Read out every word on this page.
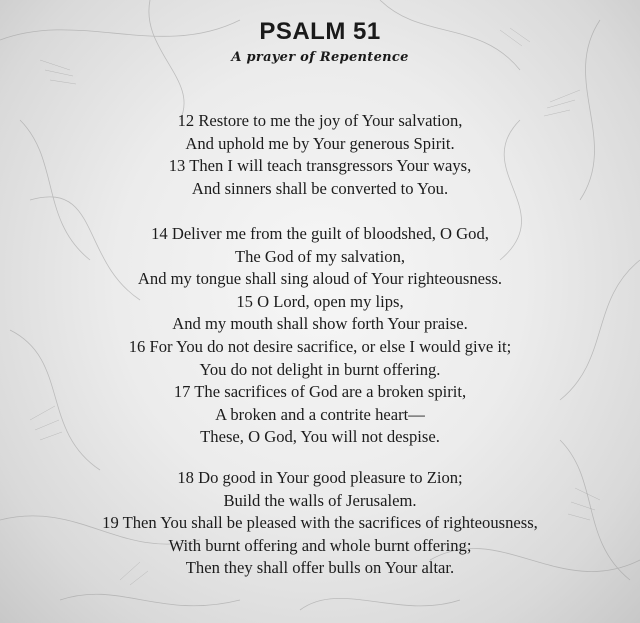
PSALM 51
A prayer of Repentence
12 Restore to me the joy of Your salvation,
And uphold me by Your generous Spirit.
13 Then I will teach transgressors Your ways,
And sinners shall be converted to You.
14 Deliver me from the guilt of bloodshed, O God,
The God of my salvation,
And my tongue shall sing aloud of Your righteousness.
15 O Lord, open my lips,
And my mouth shall show forth Your praise.
16 For You do not desire sacrifice, or else I would give it;
You do not delight in burnt offering.
17 The sacrifices of God are a broken spirit,
A broken and a contrite heart—
These, O God, You will not despise.
18 Do good in Your good pleasure to Zion;
Build the walls of Jerusalem.
19 Then You shall be pleased with the sacrifices of righteousness,
With burnt offering and whole burnt offering;
Then they shall offer bulls on Your altar.
